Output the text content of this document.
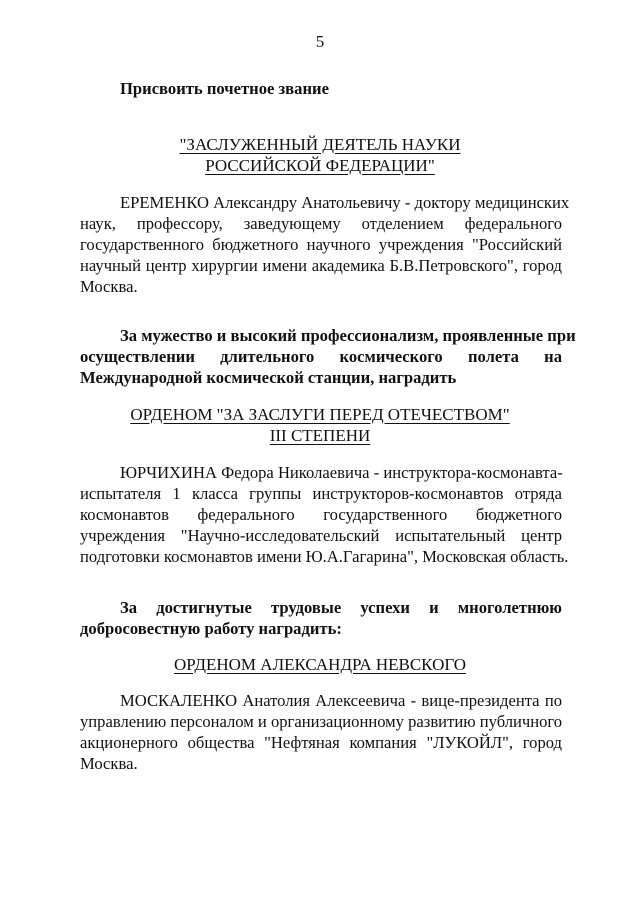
5
Присвоить почетное звание
"ЗАСЛУЖЕННЫЙ ДЕЯТЕЛЬ НАУКИ
РОССИЙСКОЙ ФЕДЕРАЦИИ"
ЕРЕМЕНКО Александру Анатольевичу - доктору медицинских
наук, профессору, заведующему отделением федерального
государственного бюджетного научного учреждения "Российский
научный центр хирургии имени академика Б.В.Петровского", город
Москва.
За мужество и высокий профессионализм, проявленные при
осуществлении длительного космического полета на
Международной космической станции, наградить
ОРДЕНОМ "ЗА ЗАСЛУГИ ПЕРЕД ОТЕЧЕСТВОМ"
III СТЕПЕНИ
ЮРЧИХИНА Федора Николаевича - инструктора-космонавта-
испытателя 1 класса группы инструкторов-космонавтов отряда
космонавтов федерального государственного бюджетного
учреждения "Научно-исследовательский испытательный центр
подготовки космонавтов имени Ю.А.Гагарина", Московская область.
За достигнутые трудовые успехи и многолетнюю
добросовестную работу наградить:
ОРДЕНОМ АЛЕКСАНДРА НЕВСКОГО
МОСКАЛЕНКО Анатолия Алексеевича - вице-президента по
управлению персоналом и организационному развитию публичного
акционерного общества "Нефтяная компания "ЛУКОЙЛ", город
Москва.
